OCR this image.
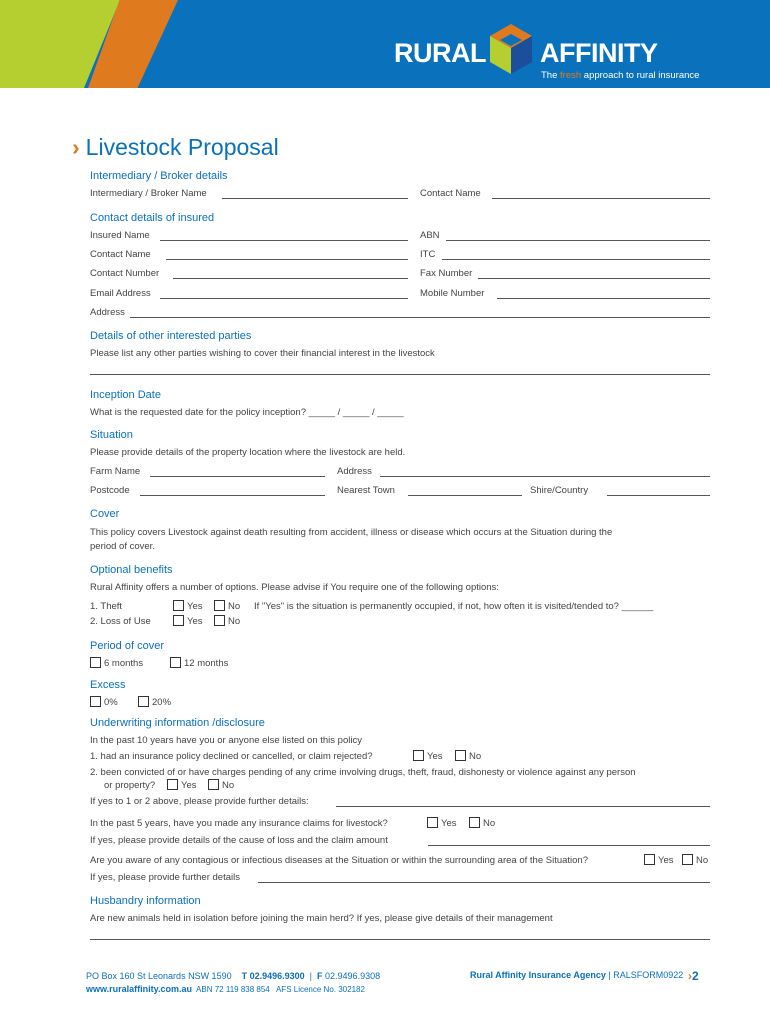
RURAL AFFINITY
The fresh approach to rural insurance
› Livestock Proposal
Intermediary / Broker details
Intermediary / Broker Name	Contact Name
Contact details of insured
Insured Name	ABN
Contact Name	ITC
Contact Number	Fax Number
Email Address	Mobile Number
Address
Details of other interested parties
Please list any other parties wishing to cover their financial interest in the livestock
Inception Date
What is the requested date for the policy inception? _____ / _____ / _____
Situation
Please provide details of the property location where the livestock are held.
Farm Name	Address
Postcode	Nearest Town	Shire/Country
Cover
This policy covers Livestock against death resulting from accident, illness or disease which occurs at the Situation during the
period of cover.
Optional benefits
Rural Affinity offers a number of options. Please advise if You require one of the following options:
1. Theft	Yes	No If "Yes" is the situation is permanently occupied, if not, how often it is visited/tended to? ______
2. Loss of Use	Yes	No
Period of cover
6 months	12 months
Excess
0%	20%
Underwriting information /disclosure
In the past 10 years have you or anyone else listed on this policy
1. had an insurance policy declined or cancelled, or claim rejected?	Yes	No
2. been convicted of or have charges pending of any crime involving drugs, theft, fraud, dishonesty or violence against any person
or property?	Yes	No
If yes to 1 or 2 above, please provide further details:
In the past 5 years, have you made any insurance claims for livestock?	Yes	No
If yes, please provide details of the cause of loss and the claim amount
Are you aware of any contagious or infectious diseases at the Situation or within the surrounding area of the Situation?	Yes	No
If yes, please provide further details
Husbandry information
Are new animals held in isolation before joining the main herd? If yes, please give details of their management
PO Box 160 St Leonards NSW 1590 T 02.9496.9300  |  F 02.9496.9308
www.ruralaffinity.com.au ABN 72 119 838 854 AFS Licence No. 302182
Rural Affinity Insurance Agency | RALSFORM0922 ›2
